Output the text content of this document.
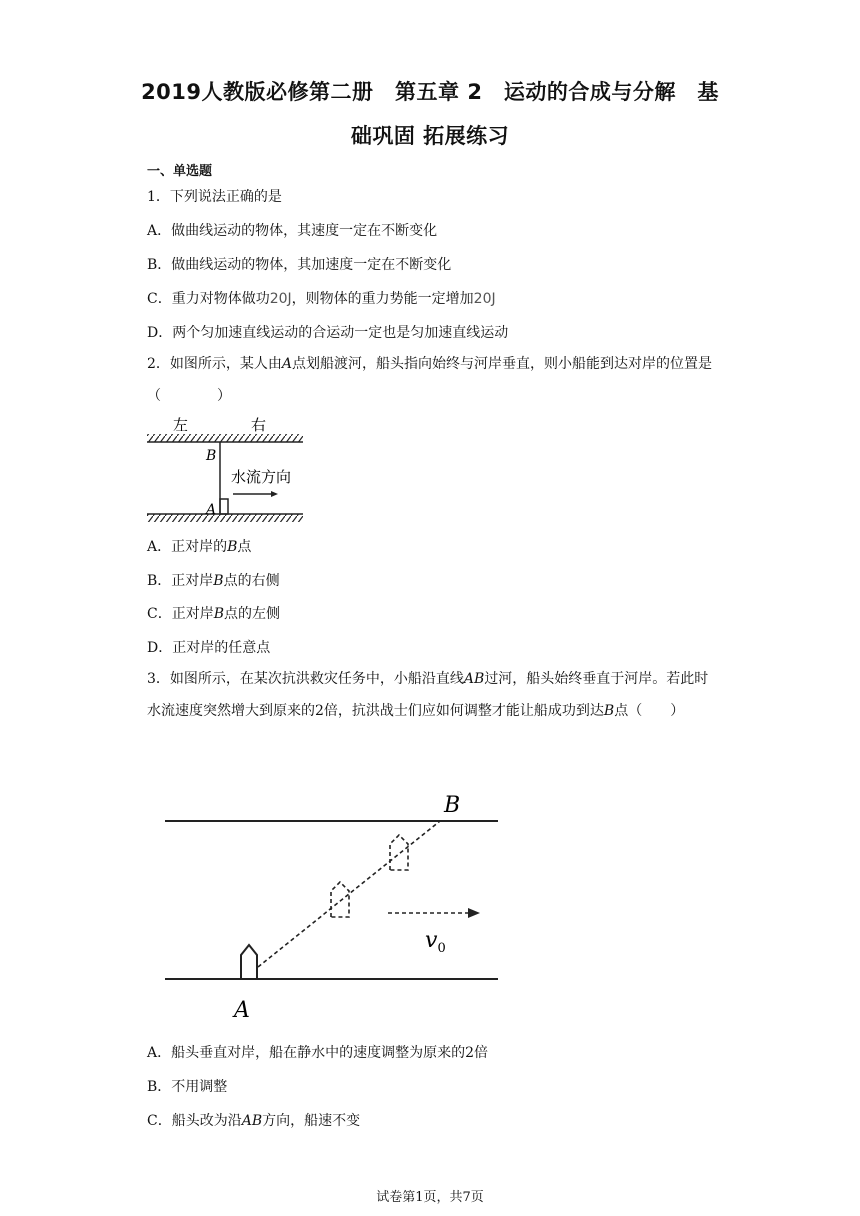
2019人教版必修第二册　第五章 2　运动的合成与分解　基
础巩固 拓展练习
一、单选题
1．下列说法正确的是
A．做曲线运动的物体，其速度一定在不断变化
B．做曲线运动的物体，其加速度一定在不断变化
C．重力对物体做功20J，则物体的重力势能一定增加20J
D．两个匀加速直线运动的合运动一定也是匀加速直线运动
2．如图所示，某人由A点划船渡河，船头指向始终与河岸垂直，则小船能到达对岸的位置是（　　　　）
左	右
B
A
水流方向
A．正对岸的B点
B．正对岸B点的右侧
C．正对岸B点的左侧
D．正对岸的任意点
3．如图所示，在某次抗洪救灾任务中，小船沿直线AB过河，船头始终垂直于河岸。若此时水流速度突然增大到原来的2倍，抗洪战士们应如何调整才能让船成功到达B点（　　）
B
A
$v_0$
A．船头垂直对岸，船在静水中的速度调整为原来的2倍
B．不用调整
C．船头改为沿AB方向，船速不变
试卷第1页，共7页
